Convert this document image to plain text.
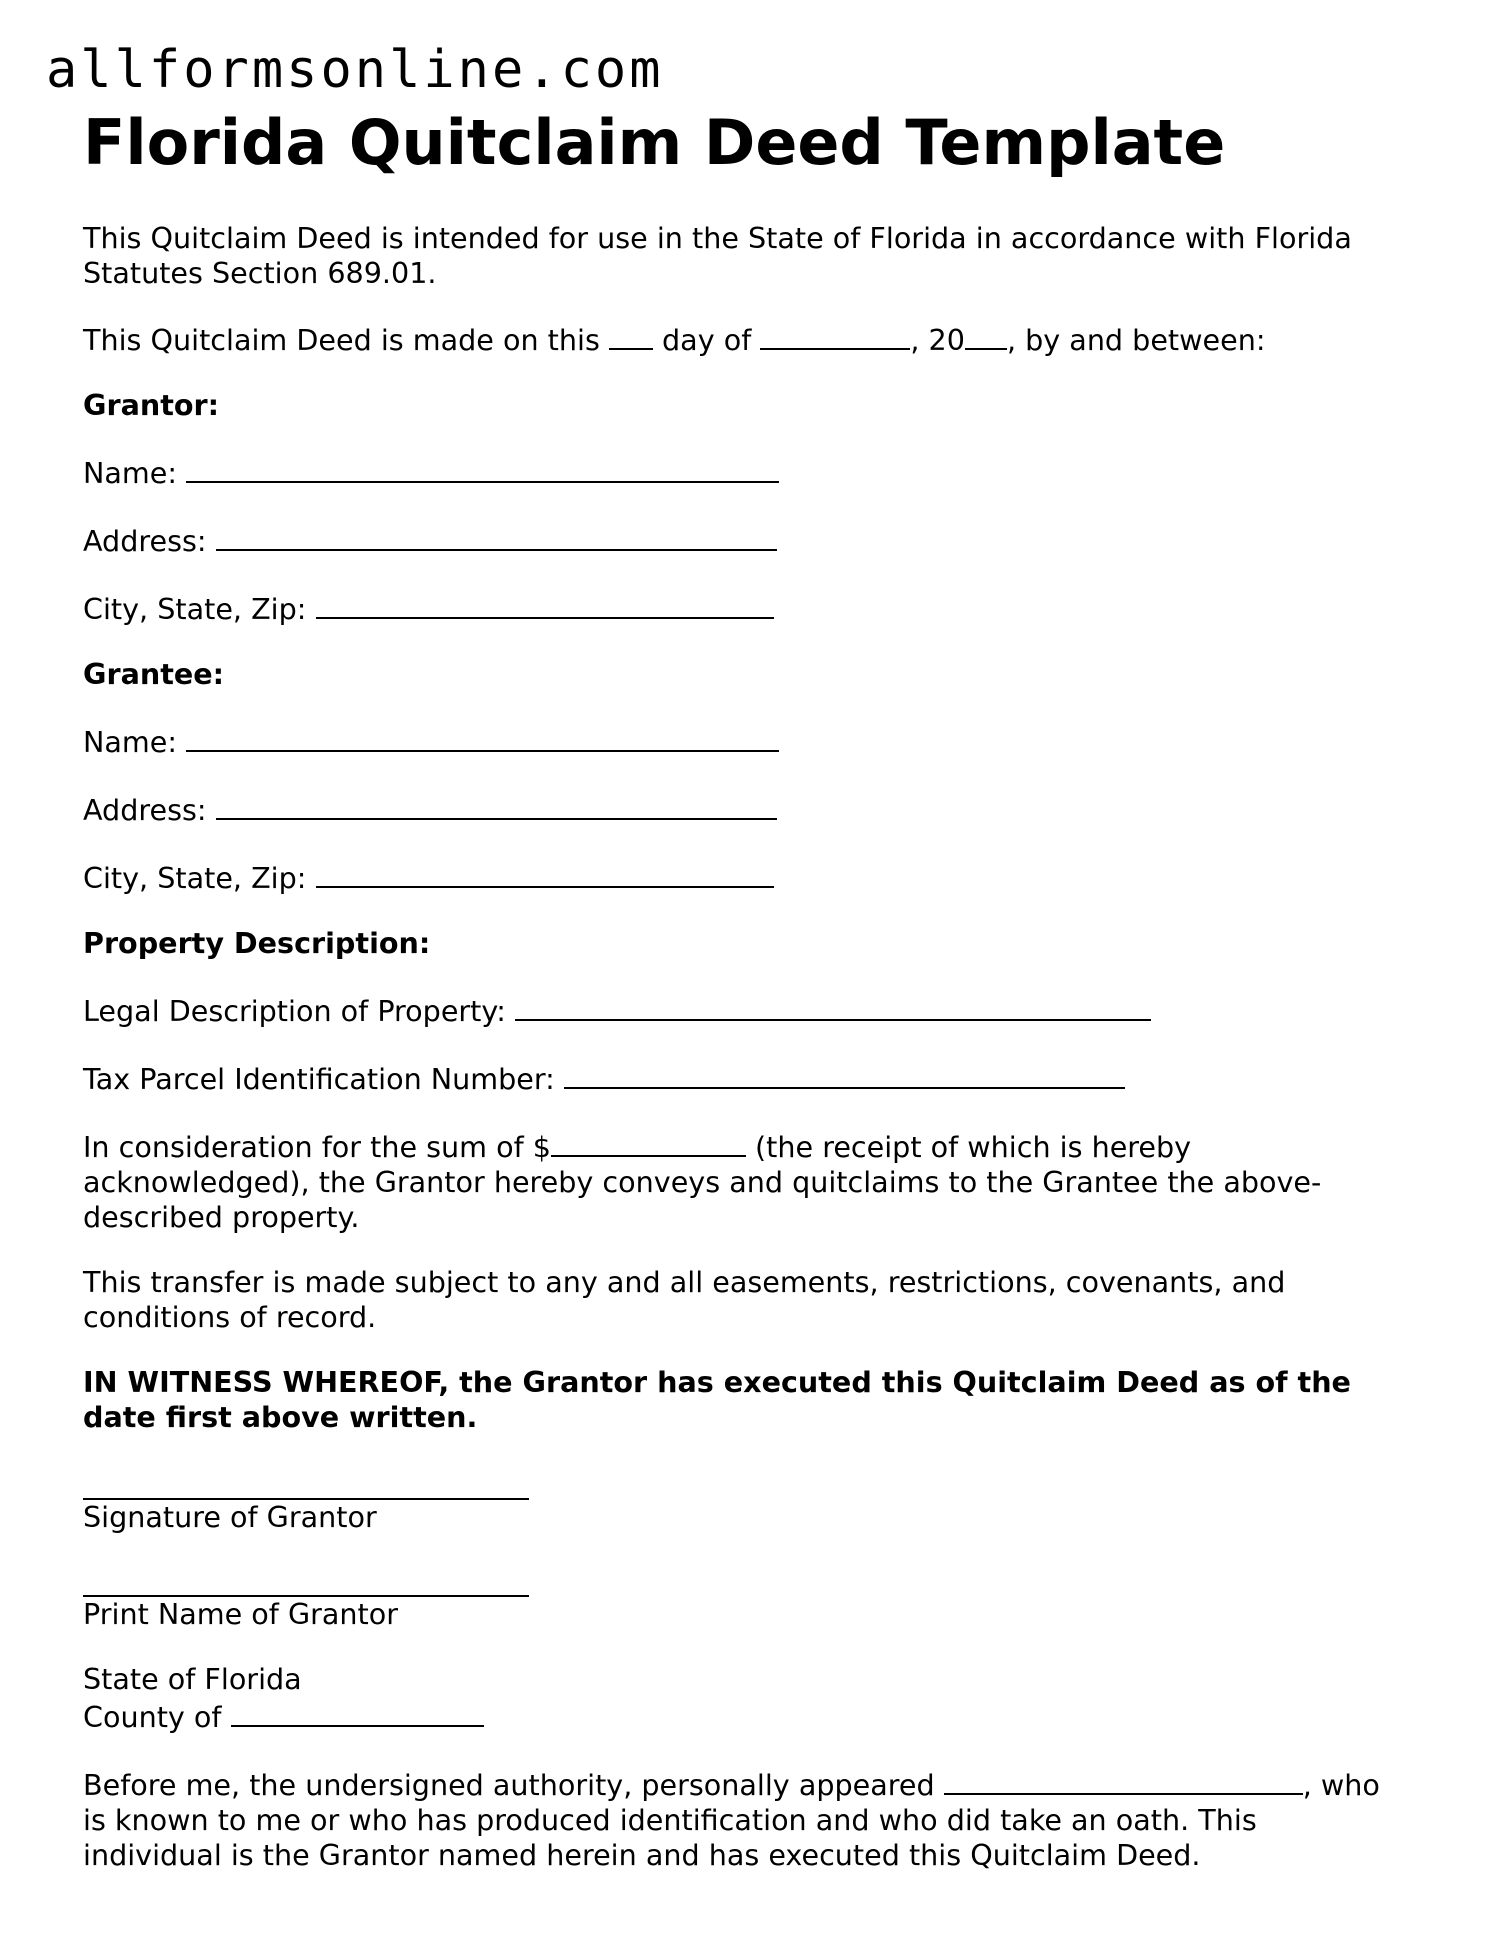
allformsonline.com
Florida Quitclaim Deed Template

This Quitclaim Deed is intended for use in the State of Florida in accordance with Florida
Statutes Section 689.01.

This Quitclaim Deed is made on this day of	, 20 , by and between:

Grantor:

Name:

Address:

City, State, Zip:

Grantee:

Name:

Address:

City, State, Zip:

Property Description:

Legal Description of Property:

Tax Parcel Identification Number:

In consideration for the sum of $	(the receipt of which is hereby
acknowledged), the Grantor hereby conveys and quitclaims to the Grantee the above-
described property.

This transfer is made subject to any and all easements, restrictions, covenants, and
conditions of record.

IN WITNESS WHEREOF, the Grantor has executed this Quitclaim Deed as of the
date first above written.

Signature of Grantor

Print Name of Grantor

State of Florida
County of

Before me, the undersigned authority, personally appeared	, who
is known to me or who has produced identification and who did take an oath. This
individual is the Grantor named herein and has executed this Quitclaim Deed.
